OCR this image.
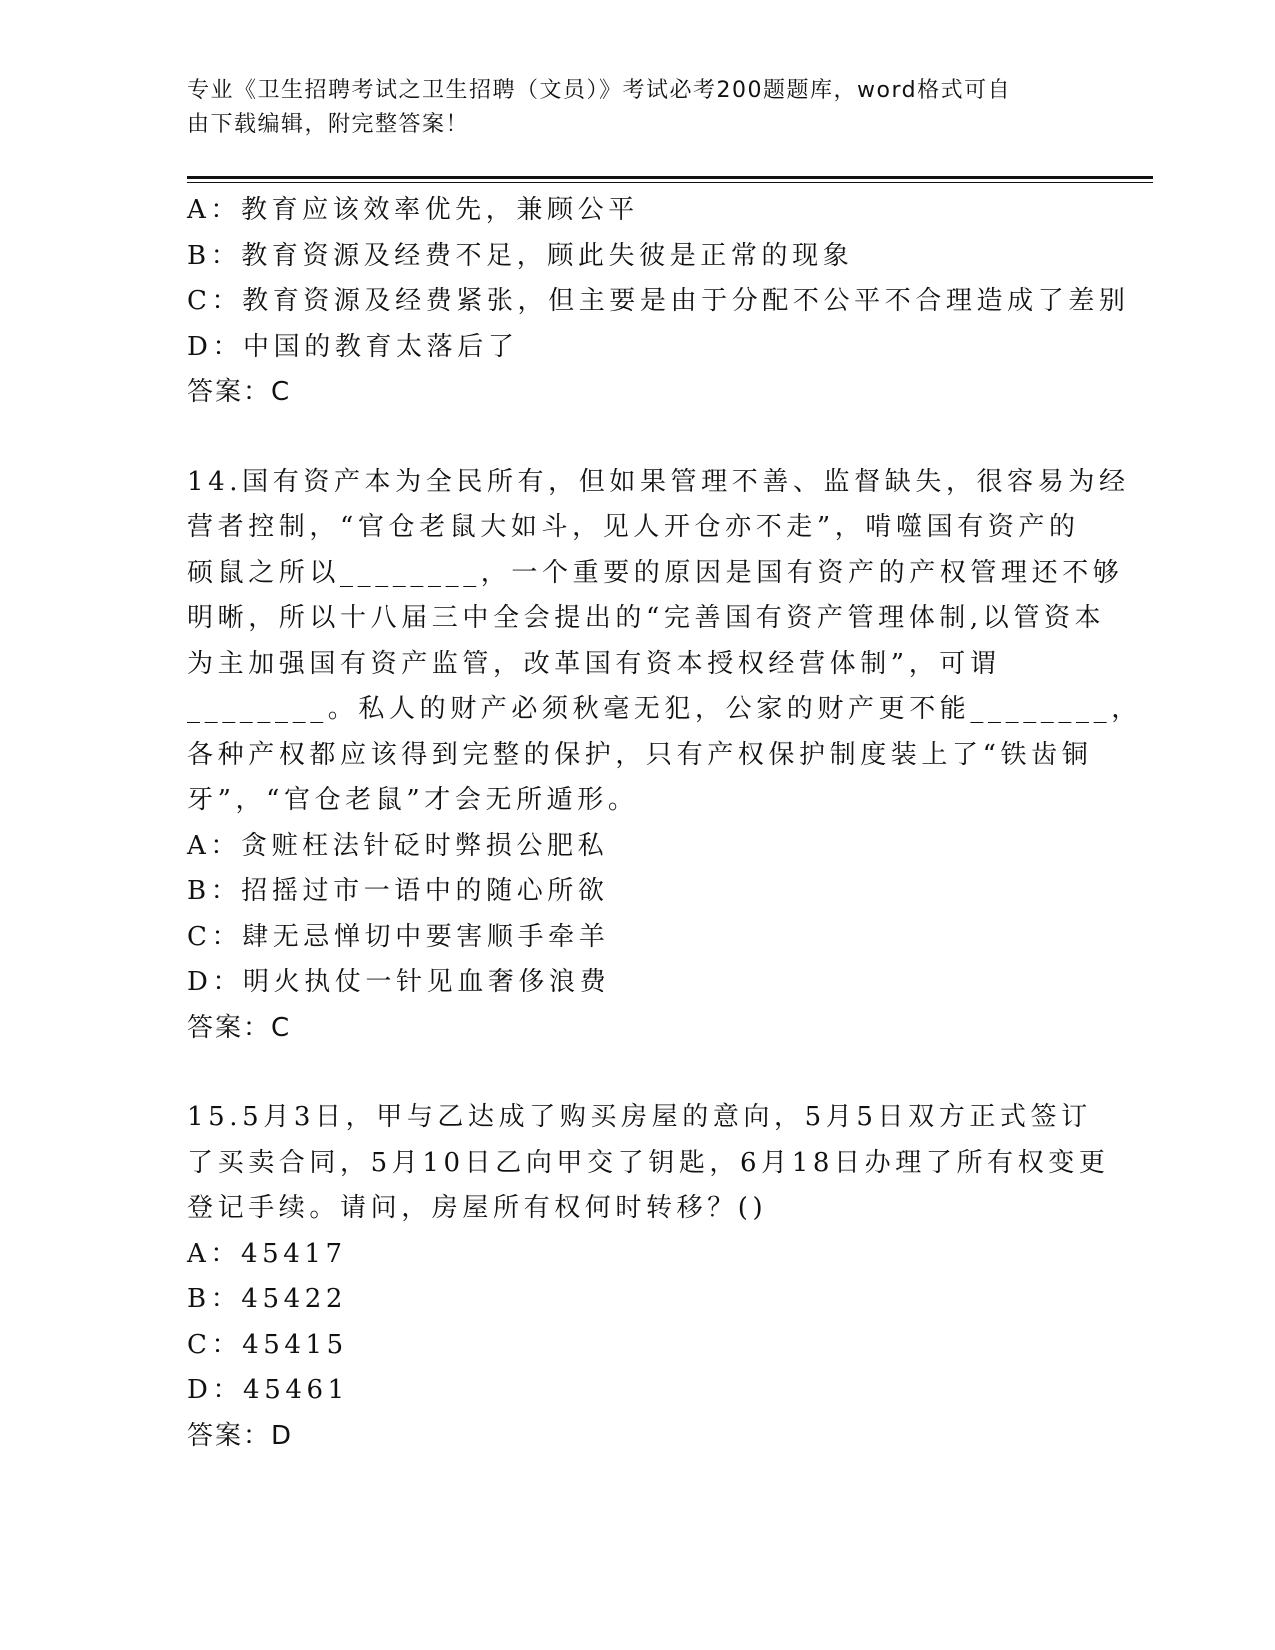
专业《卫生招聘考试之卫生招聘（文员）》考试必考200题题库，word格式可自
由下载编辑，附完整答案！
A：教育应该效率优先，兼顾公平
B：教育资源及经费不足，顾此失彼是正常的现象
C：教育资源及经费紧张，但主要是由于分配不公平不合理造成了差别
D：中国的教育太落后了
答案：C
14.国有资产本为全民所有，但如果管理不善、监督缺失，很容易为经
营者控制，“官仓老鼠大如斗，见人开仓亦不走”，啃噬国有资产的
硕鼠之所以________，一个重要的原因是国有资产的产权管理还不够
明晰，所以十八届三中全会提出的“完善国有资产管理体制,以管资本
为主加强国有资产监管，改革国有资本授权经营体制”，可谓
________。私人的财产必须秋毫无犯，公家的财产更不能________，
各种产权都应该得到完整的保护，只有产权保护制度装上了“铁齿铜
牙”，“官仓老鼠”才会无所遁形。
A：贪赃枉法针砭时弊损公肥私
B：招摇过市一语中的随心所欲
C：肆无忌惮切中要害顺手牵羊
D：明火执仗一针见血奢侈浪费
答案：C
15.5月3日，甲与乙达成了购买房屋的意向，5月5日双方正式签订
了买卖合同，5月10日乙向甲交了钥匙，6月18日办理了所有权变更
登记手续。请问，房屋所有权何时转移？()
A：45417
B：45422
C：45415
D：45461
答案：D
